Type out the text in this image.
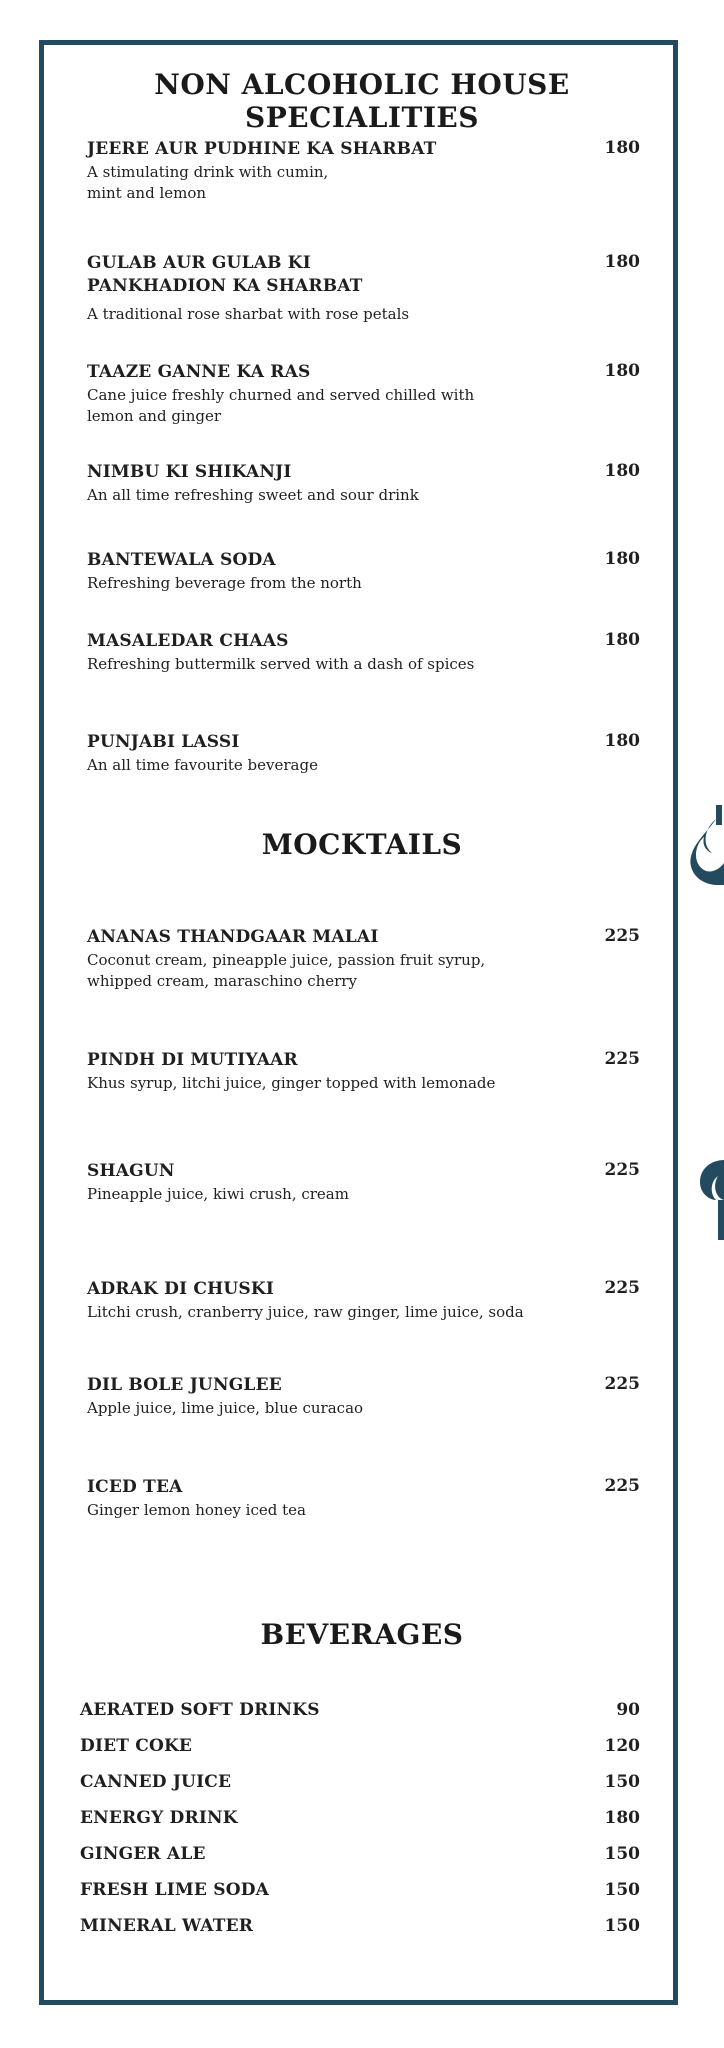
NON ALCOHOLIC HOUSE SPECIALITIES
JEERE AUR PUDHINE KA SHARBAT
A stimulating drink with cumin, mint and lemon
180
GULAB AUR GULAB KI PANKHADION KA SHARBAT
A traditional rose sharbat with rose petals
180
TAAZE GANNE KA RAS
Cane juice freshly churned and served chilled with lemon and ginger
180
NIMBU KI SHIKANJI
An all time refreshing sweet and sour drink
180
BANTEWALA SODA
Refreshing beverage from the north
180
MASALEDAR CHAAS
Refreshing buttermilk served with a dash of spices
180
PUNJABI LASSI
An all time favourite beverage
180
MOCKTAILS
ANANAS THANDGAAR MALAI
Coconut cream, pineapple juice, passion fruit syrup, whipped cream, maraschino cherry
225
PINDH DI MUTIYAAR
Khus syrup, litchi juice, ginger topped with lemonade
225
SHAGUN
Pineapple juice, kiwi crush, cream
225
ADRAK DI CHUSKI
Litchi crush, cranberry juice, raw ginger, lime juice, soda
225
DIL BOLE JUNGLEE
Apple juice, lime juice, blue curacao
225
ICED TEA
Ginger lemon honey iced tea
225
BEVERAGES
AERATED SOFT DRINKS	90
DIET COKE	120
CANNED JUICE	150
ENERGY DRINK	180
GINGER ALE	150
FRESH LIME SODA	150
MINERAL WATER	150
